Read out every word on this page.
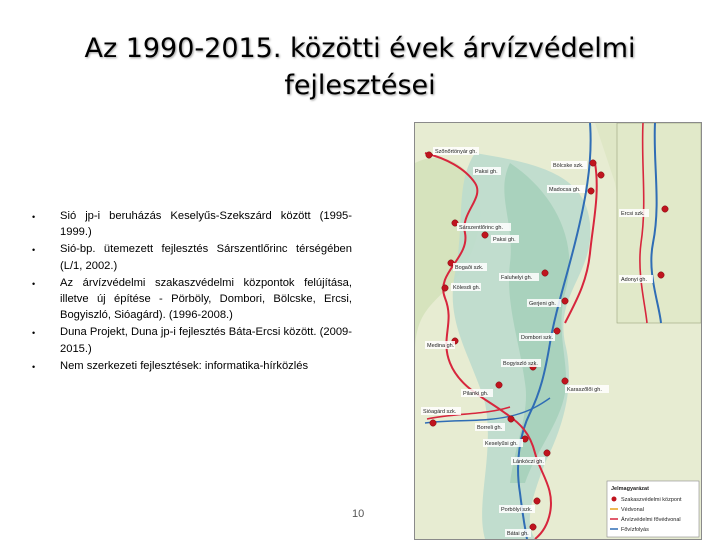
Az 1990-2015. közötti évek árvízvédelmi
fejlesztései
• Sió jp-i beruházás Keselyűs-Szekszárd között (1995-1999.)
• Sió-bp. ütemezett fejlesztés Sárszentlőrinc térségében (L/1, 2002.)
• Az árvízvédelmi szakaszvédelmi központok felújítása, illetve új építése - Pörböly, Dombori, Bölcske, Ercsi, Bogyiszló, Sióagárd). (1996-2008.)
• Duna Projekt, Duna jp-i fejlesztés Báta-Ercsi között. (2009-2015.)
• Nem szerkezeti fejlesztések: informatika-hírközlés
10
Szőnőrtönyár gh.
Bölcske szk.
Paksi gh.
Madocsa gh.
Ercsi szk.
Sárszentlőrinc gh.
Paksi gh.
Bogaði szk.
Faluhelyi gh.
Kölesdi gh.
Gerjeni gh.
Adonyi gh.
Medina gh.
Dombori szk.
Sióagárd szk.
Bogyiszló szk.
Pilanki gh.
Borreli gh.
Keselyűsi gh.
Karaszőlői gh.
Lánkóczi gh.
Porbölyi szk.
Bátai gh.
Jelmagyarázat
Szakaszvédelmi központ
Védvonal
Árvízvédelmi fővédvonal
Fővízfolyás
